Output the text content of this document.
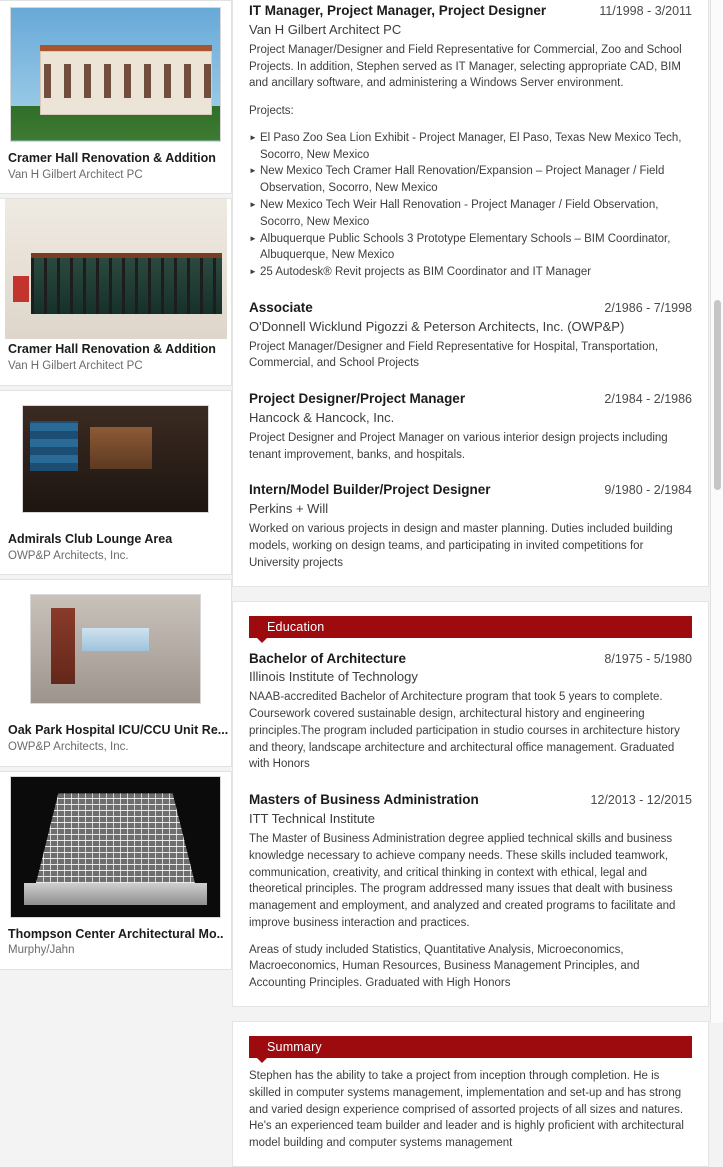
Cramer Hall Renovation & Addition
Van H Gilbert Architect PC
Cramer Hall Renovation & Addition
Van H Gilbert Architect PC
Admirals Club Lounge Area
OWP&P Architects, Inc.
Oak Park Hospital ICU/CCU Unit Re...
OWP&P Architects, Inc.
Thompson Center Architectural Mo..
Murphy/Jahn
IT Manager, Project Manager, Project Designer	11/1998 - 3/2011
Van H Gilbert Architect PC
Project Manager/Designer and Field Representative for Commercial, Zoo and School Projects. In addition, Stephen served as IT Manager, selecting appropriate CAD, BIM and ancillary software, and administering a Windows Server environment.
Projects:
► El Paso Zoo Sea Lion Exhibit - Project Manager, El Paso, Texas New Mexico Tech, Socorro, New Mexico
► New Mexico Tech Cramer Hall Renovation/Expansion – Project Manager / Field Observation, Socorro, New Mexico
► New Mexico Tech Weir Hall Renovation - Project Manager / Field Observation, Socorro, New Mexico
► Albuquerque Public Schools 3 Prototype Elementary Schools – BIM Coordinator, Albuquerque, New Mexico
► 25 Autodesk® Revit projects as BIM Coordinator and IT Manager
Associate	2/1986 - 7/1998
O'Donnell Wicklund Pigozzi & Peterson Architects, Inc. (OWP&P)
Project Manager/Designer and Field Representative for Hospital, Transportation, Commercial, and School Projects
Project Designer/Project Manager	2/1984 - 2/1986
Hancock & Hancock, Inc.
Project Designer and Project Manager on various interior design projects including tenant improvement, banks, and hospitals.
Intern/Model Builder/Project Designer	9/1980 - 2/1984
Perkins + Will
Worked on various projects in design and master planning. Duties included building models, working on design teams, and participating in invited competitions for University projects
Education
Bachelor of Architecture	8/1975 - 5/1980
Illinois Institute of Technology
NAAB-accredited Bachelor of Architecture program that took 5 years to complete. Coursework covered sustainable design, architectural history and engineering principles.The program included participation in studio courses in architecture history and theory, landscape architecture and architectural office management. Graduated with Honors
Masters of Business Administration	12/2013 - 12/2015
ITT Technical Institute
The Master of Business Administration degree applied technical skills and business knowledge necessary to achieve company needs. These skills included teamwork, communication, creativity, and critical thinking in context with ethical, legal and theoretical principles. The program addressed many issues that dealt with business management and employment, and analyzed and created programs to facilitate and improve business interaction and practices.
Areas of study included Statistics, Quantitative Analysis, Microeconomics, Macroeconomics, Human Resources, Business Management Principles, and Accounting Principles. Graduated with High Honors
Summary
Stephen has the ability to take a project from inception through completion. He is skilled in computer systems management, implementation and set-up and has strong and varied design experience comprised of assorted projects of all sizes and natures. He's an experienced team builder and leader and is highly proficient with architectural model building and computer systems management
